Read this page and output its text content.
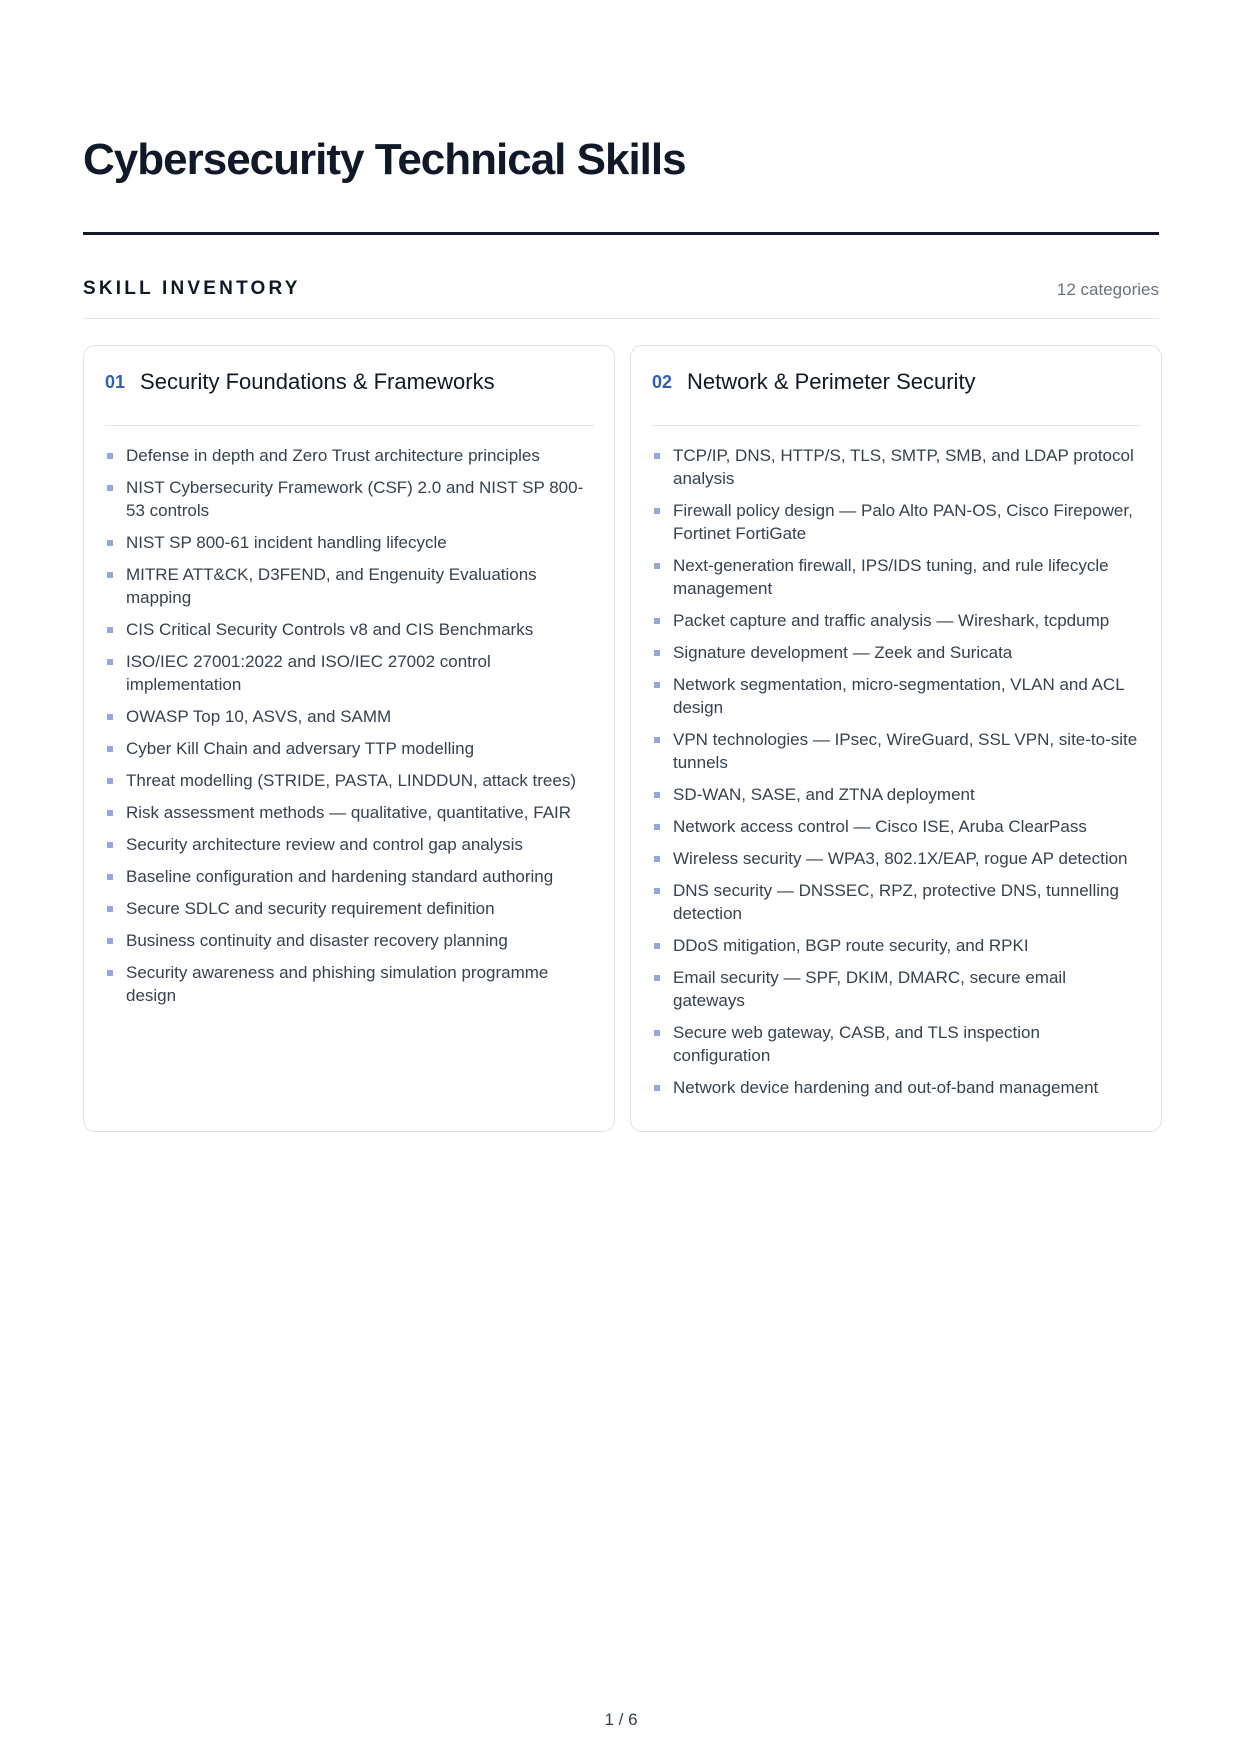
Cybersecurity Technical Skills
SKILL INVENTORY	12 categories
01 Security Foundations & Frameworks
Defense in depth and Zero Trust architecture principles
NIST Cybersecurity Framework (CSF) 2.0 and NIST SP 800-53 controls
NIST SP 800-61 incident handling lifecycle
MITRE ATT&CK, D3FEND, and Engenuity Evaluations mapping
CIS Critical Security Controls v8 and CIS Benchmarks
ISO/IEC 27001:2022 and ISO/IEC 27002 control implementation
OWASP Top 10, ASVS, and SAMM
Cyber Kill Chain and adversary TTP modelling
Threat modelling (STRIDE, PASTA, LINDDUN, attack trees)
Risk assessment methods — qualitative, quantitative, FAIR
Security architecture review and control gap analysis
Baseline configuration and hardening standard authoring
Secure SDLC and security requirement definition
Business continuity and disaster recovery planning
Security awareness and phishing simulation programme design
02 Network & Perimeter Security
TCP/IP, DNS, HTTP/S, TLS, SMTP, SMB, and LDAP protocol analysis
Firewall policy design — Palo Alto PAN-OS, Cisco Firepower, Fortinet FortiGate
Next-generation firewall, IPS/IDS tuning, and rule lifecycle management
Packet capture and traffic analysis — Wireshark, tcpdump
Signature development — Zeek and Suricata
Network segmentation, micro-segmentation, VLAN and ACL design
VPN technologies — IPsec, WireGuard, SSL VPN, site-to-site tunnels
SD-WAN, SASE, and ZTNA deployment
Network access control — Cisco ISE, Aruba ClearPass
Wireless security — WPA3, 802.1X/EAP, rogue AP detection
DNS security — DNSSEC, RPZ, protective DNS, tunnelling detection
DDoS mitigation, BGP route security, and RPKI
Email security — SPF, DKIM, DMARC, secure email gateways
Secure web gateway, CASB, and TLS inspection configuration
Network device hardening and out-of-band management
1 / 6
